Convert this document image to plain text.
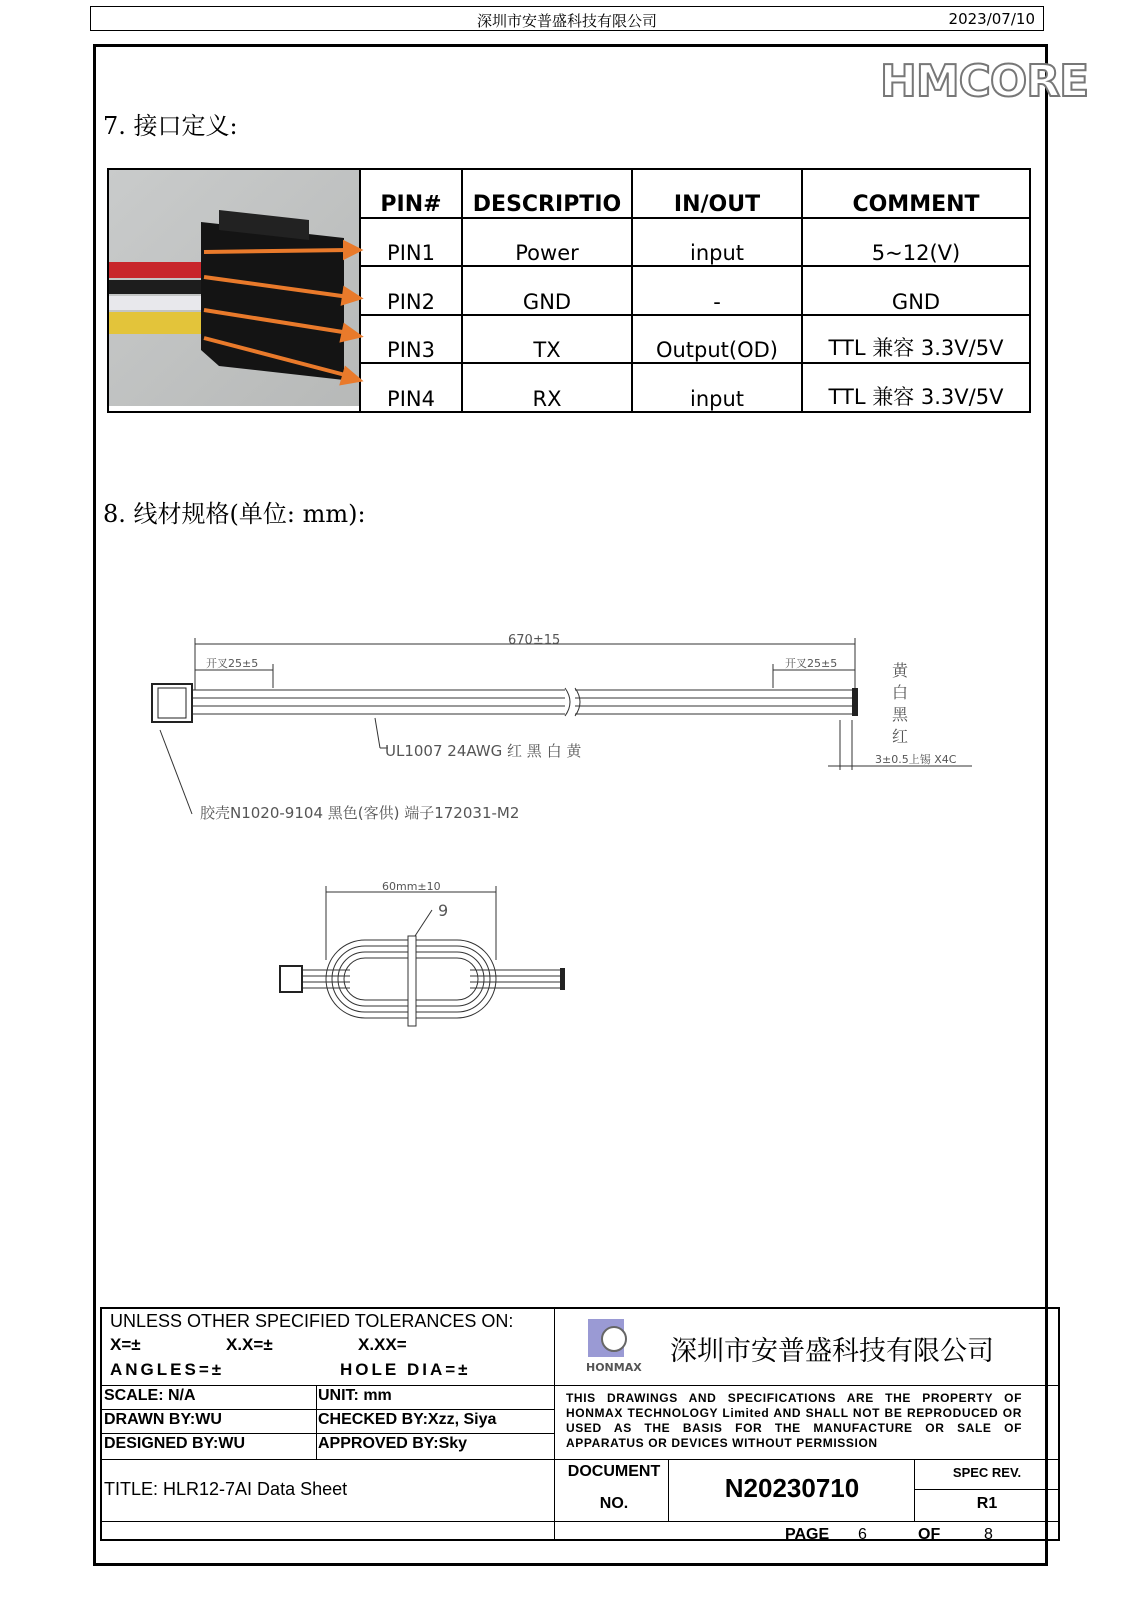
深圳市安普盛科技有限公司	2023/07/10
HMCORE
7. 接口定义:
	PIN#	DESCRIPTIO	IN/OUT	COMMENT
	PIN1	Power	input	5~12(V)
	PIN2	GND	-	GND
	PIN3	TX	Output(OD)	TTL 兼容 3.3V/5V
	PIN4	RX	input	TTL 兼容 3.3V/5V
8. 线材规格(单位: mm):
670±15
开叉25±5	开叉25±5
UL1007 24AWG 红 黑 白 黄
胶壳N1020-9104 黑色(客供) 端子172031-M2
黄
白
黑
红
3±0.5上锡 X4C
60mm±10
9
UNLESS OTHER SPECIFIED TOLERANCES ON:
X=±	X.X=±	X.XX=
ANGLES=±	HOLE DIA=±	HONMAX
深圳市安普盛科技有限公司
SCALE: N/A	UNIT: mm
DRAWN BY:WU	CHECKED BY:Xzz, Siya
DESIGNED BY:WU	APPROVED BY:Sky
THIS DRAWINGS AND SPECIFICATIONS ARE THE PROPERTY OF HONMAX TECHNOLOGY Limited AND SHALL NOT BE REPRODUCED OR USED AS THE BASIS FOR THE MANUFACTURE OR SALE OF APPARATUS OR DEVICES WITHOUT PERMISSION
TITLE: HLR12-7AI Data Sheet
DOCUMENT
NO.
N20230710
SPEC REV.
R1
PAGE 6	OF	8
